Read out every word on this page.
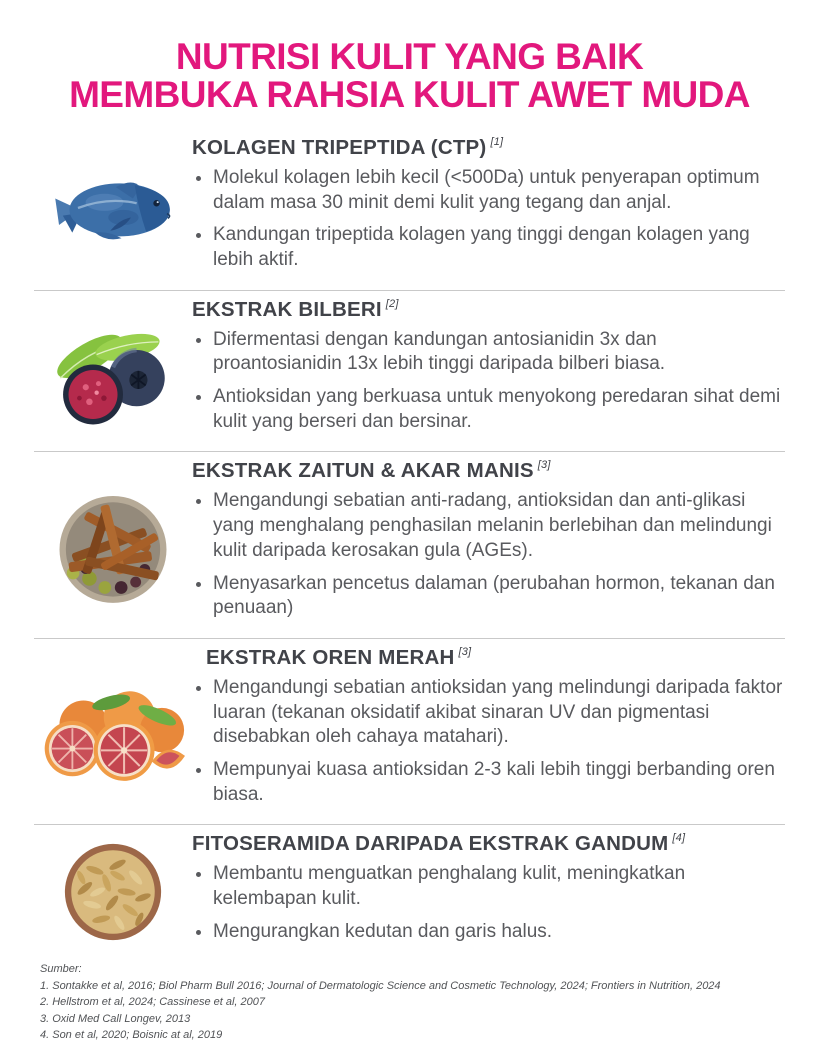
NUTRISI KULIT YANG BAIK
MEMBUKA RAHSIA KULIT AWET MUDA
KOLAGEN TRIPEPTIDA (CTP) [1]
• Molekul kolagen lebih kecil (<500Da) untuk penyerapan optimum dalam masa 30 minit demi kulit yang tegang dan anjal.
• Kandungan tripeptida kolagen yang tinggi dengan kolagen yang lebih aktif.
EKSTRAK BILBERI [2]
• Difermentasi dengan kandungan antosianidin 3x dan proantosianidin 13x lebih tinggi daripada bilberi biasa.
• Antioksidan yang berkuasa untuk menyokong peredaran sihat demi kulit yang berseri dan bersinar.
EKSTRAK ZAITUN & AKAR MANIS [3]
• Mengandungi sebatian anti-radang, antioksidan dan anti-glikasi yang menghalang penghasilan melanin berlebihan dan melindungi kulit daripada kerosakan gula (AGEs).
• Menyasarkan pencetus dalaman (perubahan hormon, tekanan dan penuaan)
EKSTRAK OREN MERAH [3]
• Mengandungi sebatian antioksidan yang melindungi daripada faktor luaran (tekanan oksidatif akibat sinaran UV dan pigmentasi disebabkan oleh cahaya matahari).
• Mempunyai kuasa antioksidan 2-3 kali lebih tinggi berbanding oren biasa.
FITOSERAMIDA DARIPADA EKSTRAK GANDUM [4]
• Membantu menguatkan penghalang kulit, meningkatkan kelembapan kulit.
• Mengurangkan kedutan dan garis halus.
Sumber:
1. Sontakke et al, 2016; Biol Pharm Bull 2016; Journal of Dermatologic Science and Cosmetic Technology, 2024; Frontiers in Nutrition, 2024
2. Hellstrom et al, 2024; Cassinese et al, 2007
3. Oxid Med Call Longev, 2013
4. Son et al, 2020; Boisnic at al, 2019
